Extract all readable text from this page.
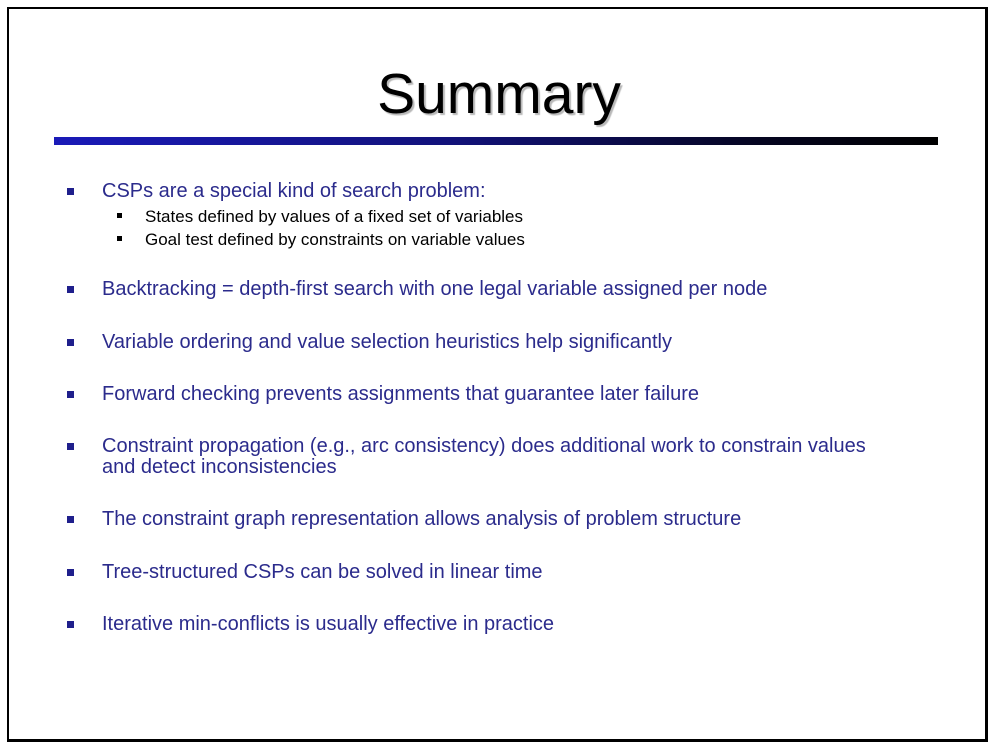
Summary
CSPs are a special kind of search problem:
States defined by values of a fixed set of variables
Goal test defined by constraints on variable values
Backtracking = depth-first search with one legal variable assigned per node
Variable ordering and value selection heuristics help significantly
Forward checking prevents assignments that guarantee later failure
Constraint propagation (e.g., arc consistency) does additional work to constrain values and detect inconsistencies
The constraint graph representation allows analysis of problem structure
Tree-structured CSPs can be solved in linear time
Iterative min-conflicts is usually effective in practice
